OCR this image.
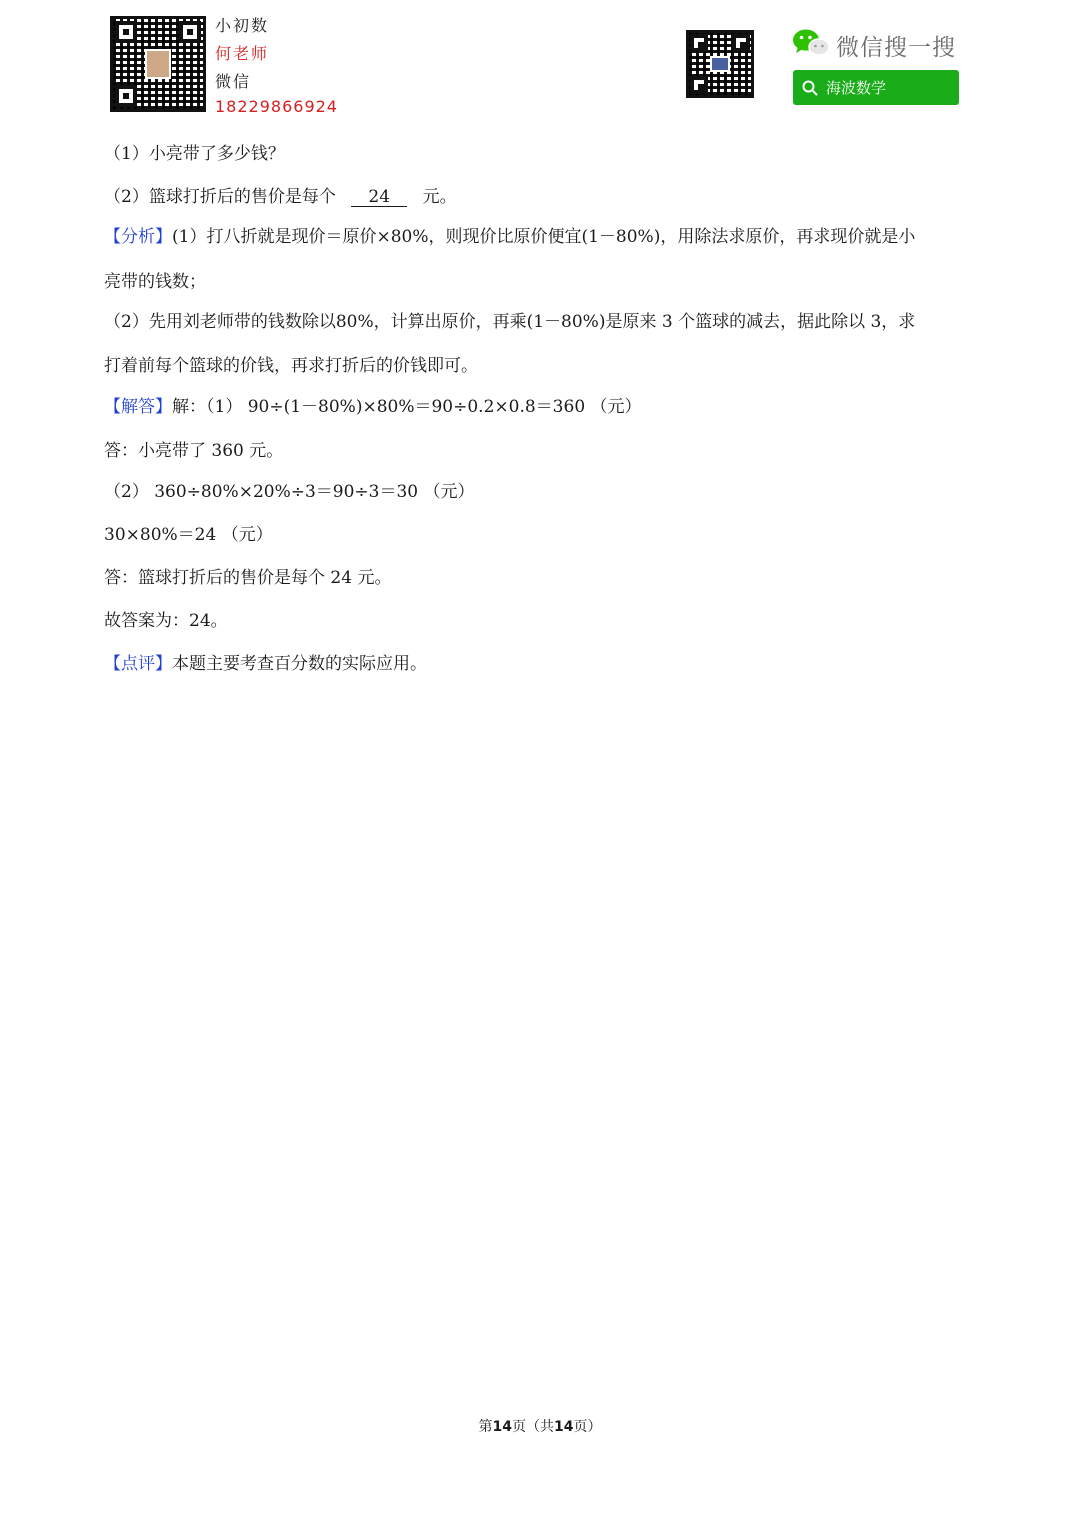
小初数
何老师
微信
18229866924
微信搜一搜
海波数学
（1）小亮带了多少钱？
（2）篮球打折后的售价是每个 24 元。
【分析】(1）打八折就是现价＝原价×80%，则现价比原价便宜(1－80%)，用除法求原价，再求现价就是小
亮带的钱数；
（2）先用刘老师带的钱数除以80%，计算出原价，再乘(1－80%)是原来 3 个篮球的减去，据此除以 3，求
打着前每个篮球的价钱，再求打折后的价钱即可。
【解答】解：（1） 90÷(1－80%)×80%＝90÷0.2×0.8＝360 （元）
答：小亮带了 360 元。
（2） 360÷80%×20%÷3＝90÷3＝30 （元）
30×80%＝24 （元）
答：篮球打折后的售价是每个 24 元。
故答案为：24。
【点评】本题主要考查百分数的实际应用。
第14页（共14页）
